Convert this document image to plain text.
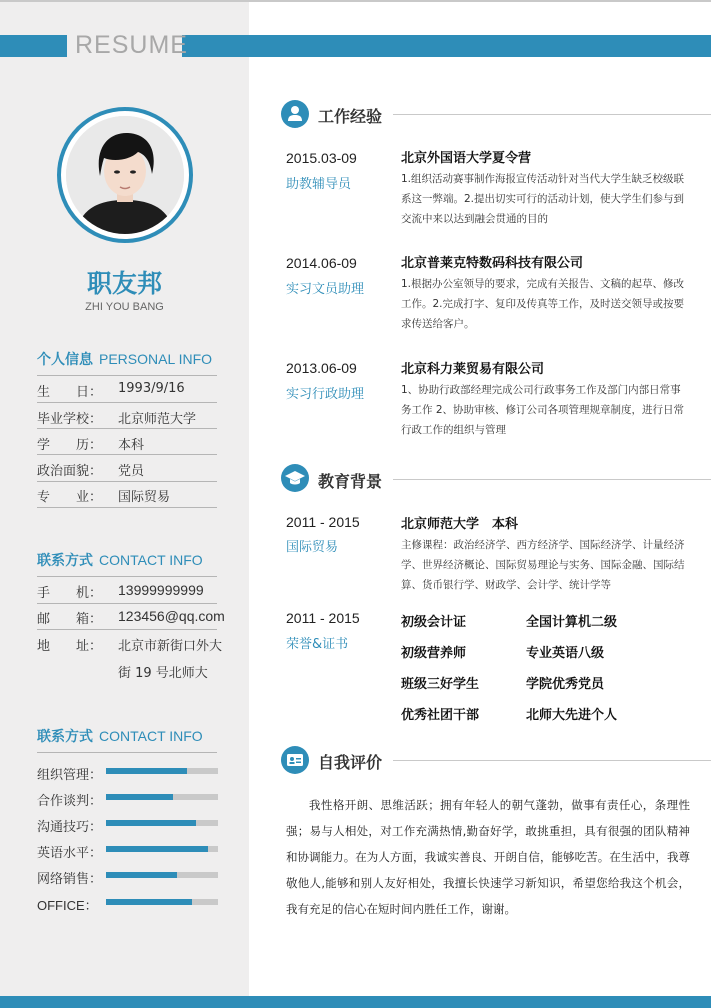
RESUME
职友邦
ZHI YOU BANG
个人信息 PERSONAL INFO
生　　日： 1993/9/16
毕业学校： 北京师范大学
学　　历： 本科
政治面貌： 党员
专　　业： 国际贸易
联系方式 CONTACT INFO
手　　机： 13999999999
邮　　箱： 123456@qq.com
地　　址： 北京市新街口外大
街 19 号北师大
联系方式 CONTACT INFO
组织管理：
合作谈判：
沟通技巧：
英语水平：
网络销售：
OFFICE：
工作经验
2015.03-09
助教辅导员
北京外国语大学夏令营
1.组织活动赛事制作海报宣传活动针对当代大学生缺乏校级联系这一弊端。2.提出切实可行的活动计划，使大学生们参与到交流中来以达到融会贯通的目的
2014.06-09
实习文员助理
北京普莱克特数码科技有限公司
1.根据办公室领导的要求，完成有关报告、文稿的起草、修改工作。2.完成打字、复印及传真等工作，及时送交领导或按要求传送给客户。
2013.06-09
实习行政助理
北京科力莱贸易有限公司
1、协助行政部经理完成公司行政事务工作及部门内部日常事务工作 2、协助审核、修订公司各项管理规章制度，进行日常行政工作的组织与管理
教育背景
2011 - 2015
国际贸易
北京师范大学　本科
主修课程：政治经济学、西方经济学、国际经济学、计量经济学、世界经济概论、国际贸易理论与实务、国际金融、国际结算、货币银行学、财政学、会计学、统计学等
2011 - 2015
荣誉&证书
初级会计证	全国计算机二级
初级营养师	专业英语八级
班级三好学生	学院优秀党员
优秀社团干部	北师大先进个人
自我评价
我性格开朗、思维活跃；拥有年轻人的朝气蓬勃，做事有责任心，条理性强；易与人相处，对工作充满热情,勤奋好学，敢挑重担，具有很强的团队精神和协调能力。在为人方面，我诚实善良、开朗自信，能够吃苦。在生活中，我尊敬他人,能够和别人友好相处，我擅长快速学习新知识，希望您给我这个机会，我有充足的信心在短时间内胜任工作，谢谢。
